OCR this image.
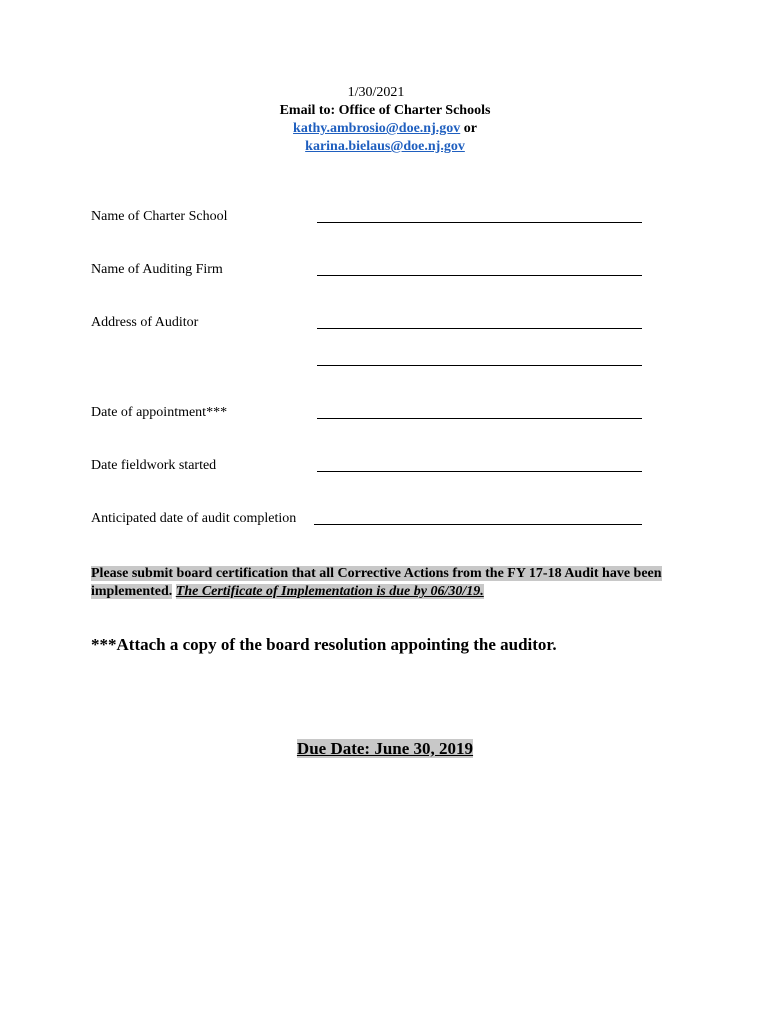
1/30/2021
Email to: Office of Charter Schools
kathy.ambrosio@doe.nj.gov or
karina.bielaus@doe.nj.gov
Name of Charter School
Name of Auditing Firm
Address of Auditor
Date of appointment***
Date fieldwork started
Anticipated date of audit completion
Please submit board certification that all Corrective Actions from the FY 17-18 Audit have been implemented. The Certificate of Implementation is due by 06/30/19.
***Attach a copy of the board resolution appointing the auditor.
Due Date: June 30, 2019
